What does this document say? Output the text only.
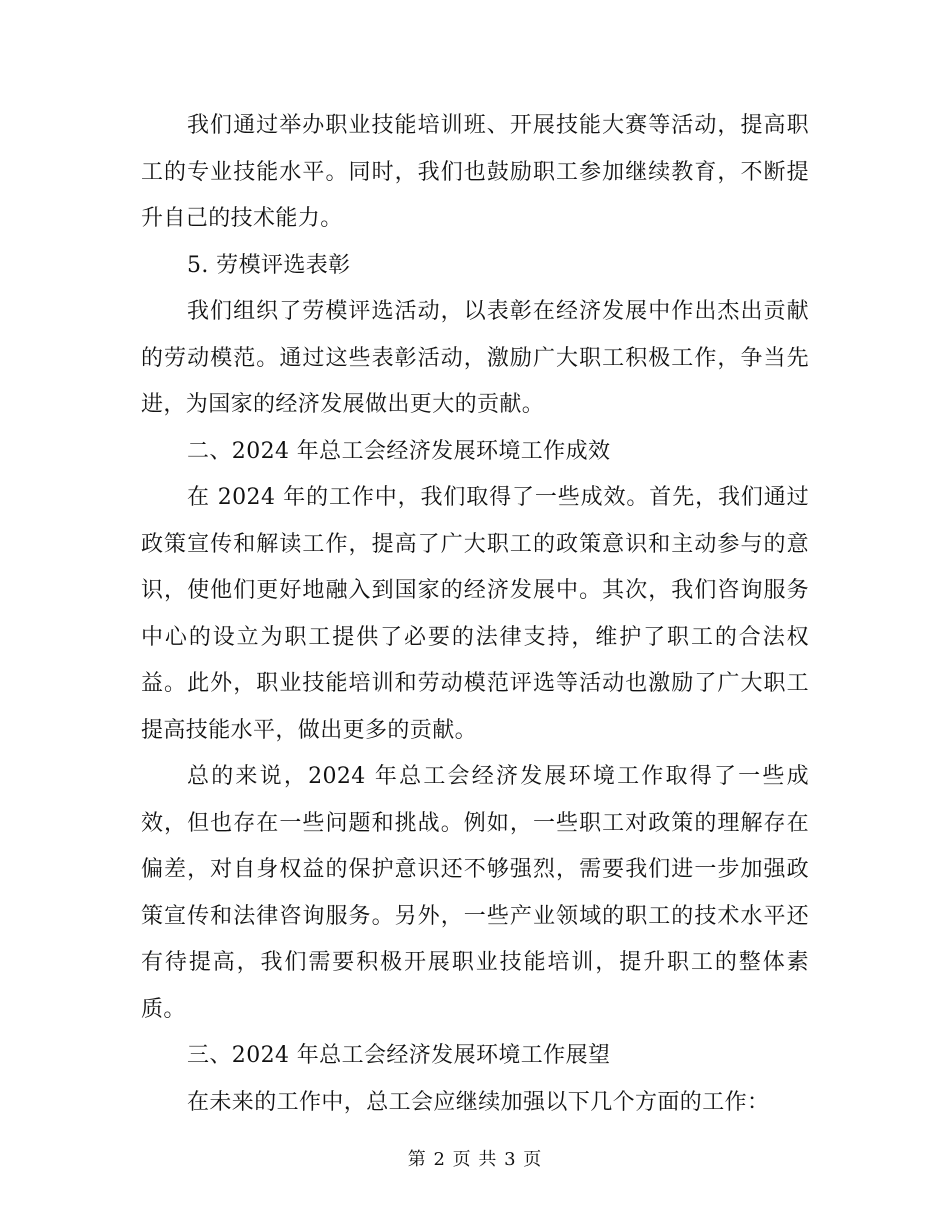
我们通过举办职业技能培训班、开展技能大赛等活动，提高职工的专业技能水平。同时，我们也鼓励职工参加继续教育，不断提升自己的技术能力。

5. 劳模评选表彰

我们组织了劳模评选活动，以表彰在经济发展中作出杰出贡献的劳动模范。通过这些表彰活动，激励广大职工积极工作，争当先进，为国家的经济发展做出更大的贡献。

二、2024 年总工会经济发展环境工作成效

在 2024 年的工作中，我们取得了一些成效。首先，我们通过政策宣传和解读工作，提高了广大职工的政策意识和主动参与的意识，使他们更好地融入到国家的经济发展中。其次，我们咨询服务中心的设立为职工提供了必要的法律支持，维护了职工的合法权益。此外，职业技能培训和劳动模范评选等活动也激励了广大职工提高技能水平，做出更多的贡献。

总的来说，2024 年总工会经济发展环境工作取得了一些成效，但也存在一些问题和挑战。例如，一些职工对政策的理解存在偏差，对自身权益的保护意识还不够强烈，需要我们进一步加强政策宣传和法律咨询服务。另外，一些产业领域的职工的技术水平还有待提高，我们需要积极开展职业技能培训，提升职工的整体素质。

三、2024 年总工会经济发展环境工作展望

在未来的工作中，总工会应继续加强以下几个方面的工作：

第 2 页 共 3 页
